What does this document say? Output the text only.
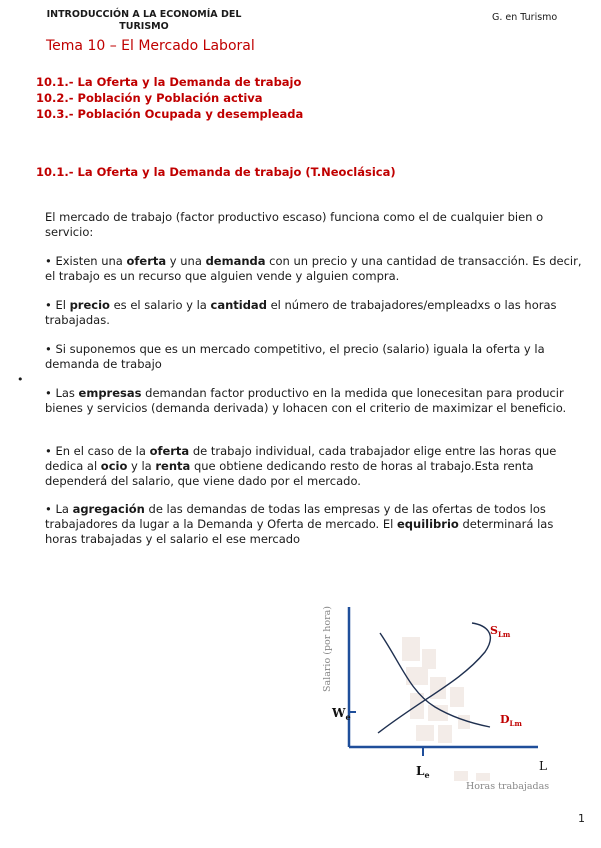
INTRODUCCIÓN A LA ECONOMÍA DEL
TURISMO
G. en Turismo
Tema 10 – El Mercado Laboral
10.1.- La Oferta y la Demanda de trabajo
10.2.- Población y Población activa
10.3.- Población Ocupada y desempleada
10.1.- La Oferta y la Demanda de trabajo (T.Neoclásica)

El mercado de trabajo (factor productivo escaso) funciona como el de cualquier bien o servicio:

• Existen una oferta y una demanda con un precio y una cantidad de transacción. Es decir, el trabajo es un recurso que alguien vende y alguien compra.

• El precio es el salario y la cantidad el número de trabajadores/empleadxs o las horas trabajadas.

• Si suponemos que es un mercado competitivo, el precio (salario) iguala la oferta y la demanda de trabajo

•

• Las empresas demandan factor productivo en la medida que lonecesitan para producir bienes y servicios (demanda derivada) y lohacen con el criterio de maximizar el beneficio.

• En el caso de la oferta de trabajo individual, cada trabajador elige entre las horas que dedica al ocio y la renta que obtiene dedicando resto de horas al trabajo.Esta renta dependerá del salario, que viene dado por el mercado.

• La agregación de las demandas de todas las empresas y de las ofertas de todos los trabajadores da lugar a la Demanda y Oferta de mercado. El equilibrio determinará las horas trabajadas y el salario el ese mercado

Salario (por hora)
$W_e$
$L_e$
L
Horas trabajadas
$S_{Lm}$
$D_{Lm}$
1
